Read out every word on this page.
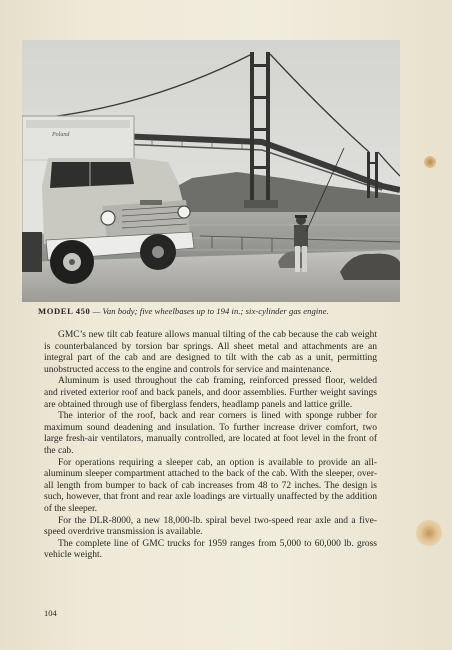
Poland
MODEL 450 — Van body; five wheelbases up to 194 in.; six-cylinder gas engine.

GMC’s new tilt cab feature allows manual tilting of the cab because the cab weight is counterbalanced by torsion bar springs. All sheet metal and attachments are an integral part of the cab and are designed to tilt with the cab as a unit, permitting unobstructed access to the engine and controls for service and maintenance.

Aluminum is used throughout the cab framing, reinforced pressed floor, welded and riveted exterior roof and back panels, and door assemblies. Further weight savings are obtained through use of fiberglass fenders, headlamp panels and lattice grille.

The interior of the roof, back and rear corners is lined with sponge rubber for maximum sound deadening and insulation. To further increase driver comfort, two large fresh-air ventilators, manually controlled, are located at foot level in the front of the cab.

For operations requiring a sleeper cab, an option is available to provide an all-aluminum sleeper compartment attached to the back of the cab. With the sleeper, over-all length from bumper to back of cab increases from 48 to 72 inches. The design is such, however, that front and rear axle loadings are virtually unaffected by the addition of the sleeper.

For the DLR-8000, a new 18,000-lb. spiral bevel two-speed rear axle and a five-speed overdrive transmission is available.

The complete line of GMC trucks for 1959 ranges from 5,000 to 60,000 lb. gross vehicle weight.

104
